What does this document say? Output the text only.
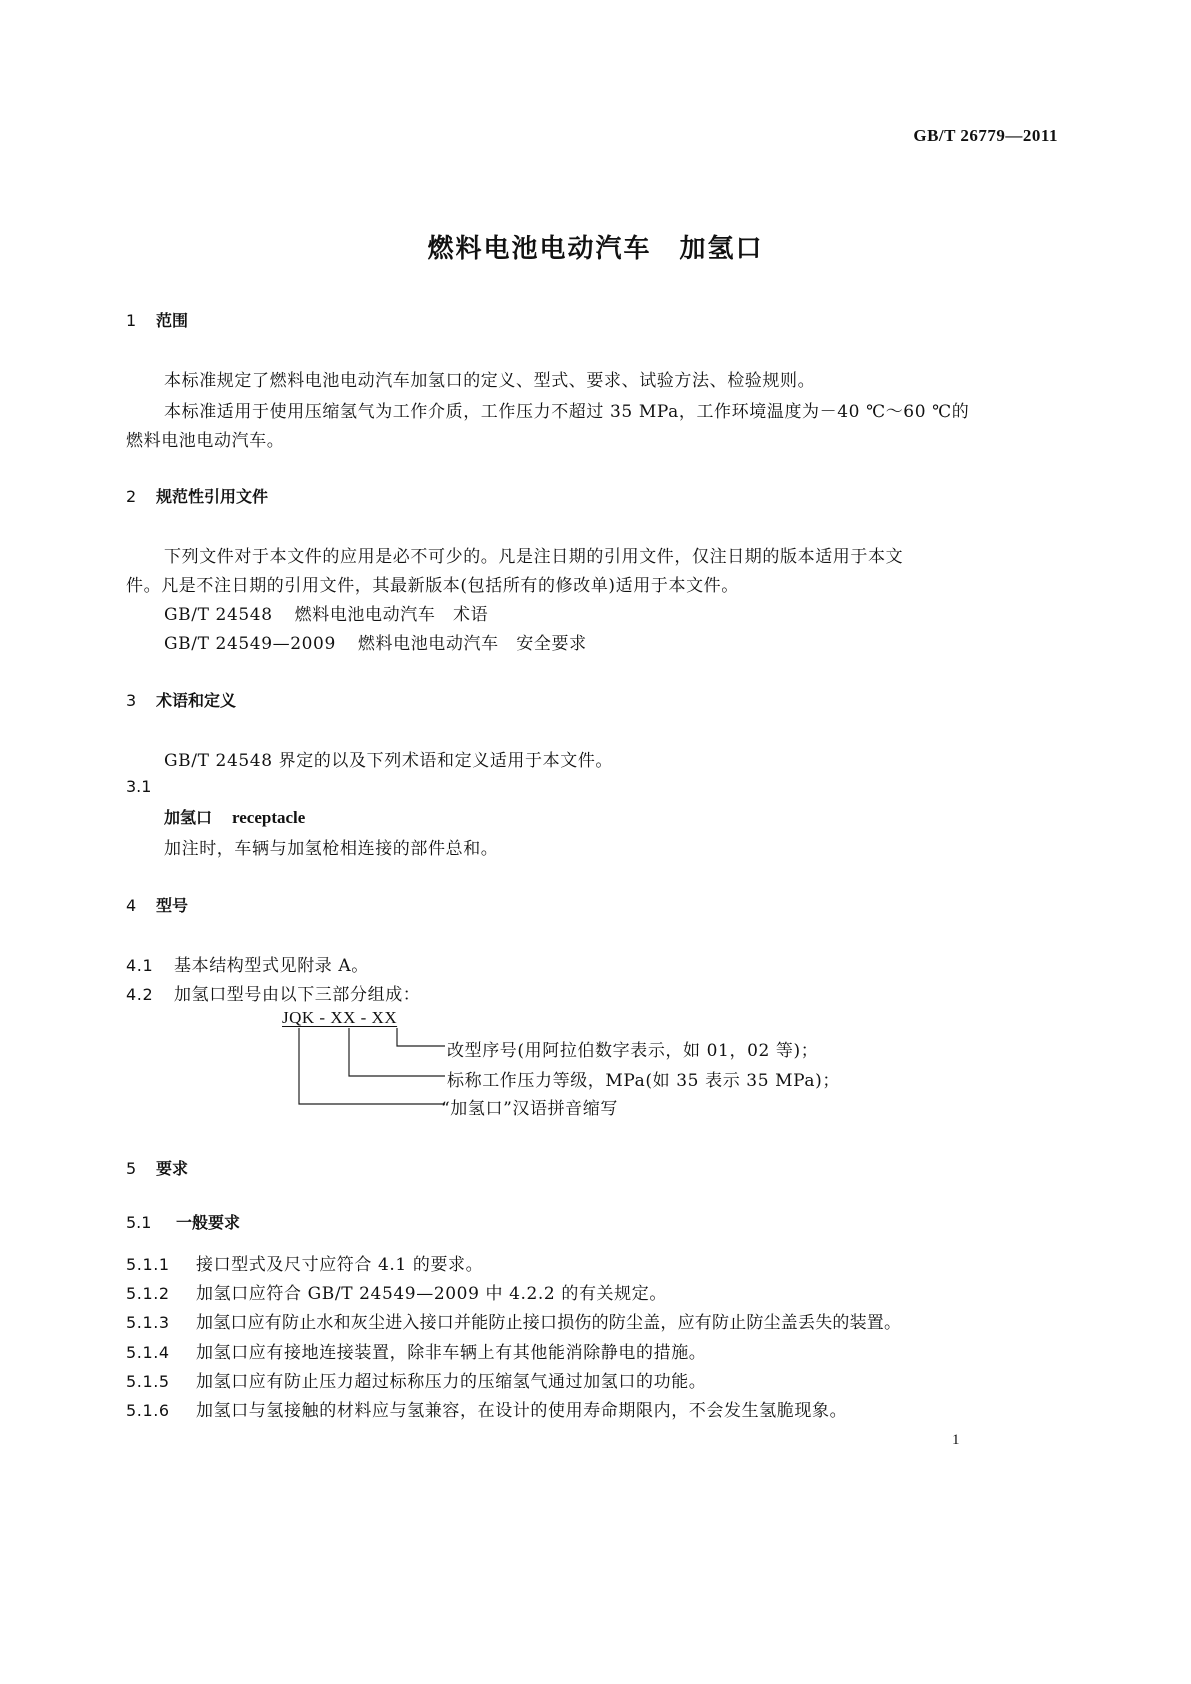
GB/T 26779—2011
燃料电池电动汽车　加氢口
1 范围
本标准规定了燃料电池电动汽车加氢口的定义、型式、要求、试验方法、检验规则。
本标准适用于使用压缩氢气为工作介质，工作压力不超过 35 MPa，工作环境温度为－40 ℃～60 ℃的
燃料电池电动汽车。
2 规范性引用文件
下列文件对于本文件的应用是必不可少的。凡是注日期的引用文件，仅注日期的版本适用于本文
件。凡是不注日期的引用文件，其最新版本(包括所有的修改单)适用于本文件。
GB/T 24548 燃料电池电动汽车　术语
GB/T 24549—2009 燃料电池电动汽车　安全要求
3 术语和定义
GB/T 24548 界定的以及下列术语和定义适用于本文件。
3.1
加氢口 receptacle
加注时，车辆与加氢枪相连接的部件总和。
4 型号
4.1 基本结构型式见附录 A。
4.2 加氢口型号由以下三部分组成：
JQK - XX - XX
改型序号(用阿拉伯数字表示，如 01，02 等)；
标称工作压力等级，MPa(如 35 表示 35 MPa)；
“加氢口”汉语拼音缩写
5 要求
5.1 一般要求
5.1.1 接口型式及尺寸应符合 4.1 的要求。
5.1.2 加氢口应符合 GB/T 24549—2009 中 4.2.2 的有关规定。
5.1.3 加氢口应有防止水和灰尘进入接口并能防止接口损伤的防尘盖，应有防止防尘盖丢失的装置。
5.1.4 加氢口应有接地连接装置，除非车辆上有其他能消除静电的措施。
5.1.5 加氢口应有防止压力超过标称压力的压缩氢气通过加氢口的功能。
5.1.6 加氢口与氢接触的材料应与氢兼容，在设计的使用寿命期限内，不会发生氢脆现象。
1
